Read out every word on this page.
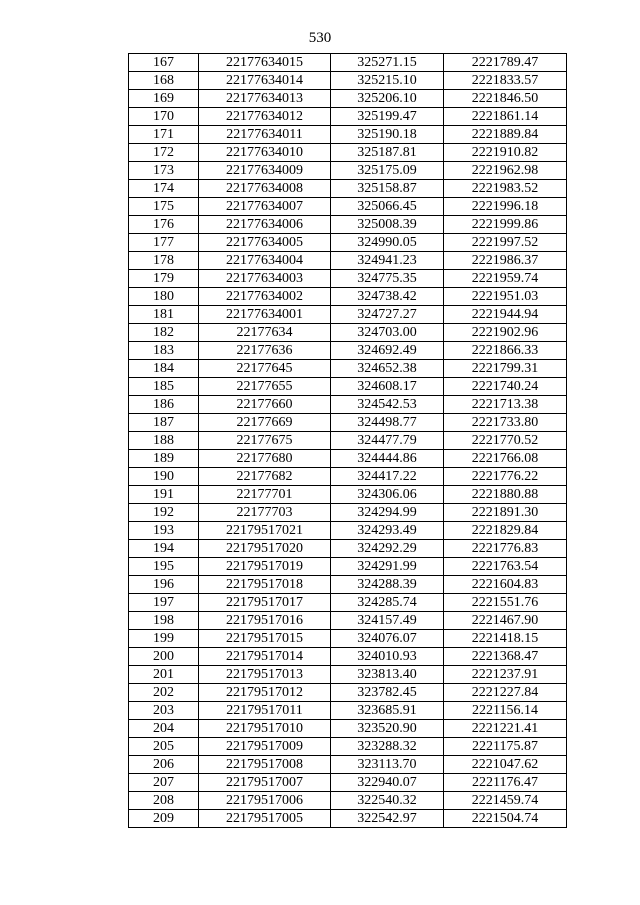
530
167	22177634015	325271.15	2221789.47
168	22177634014	325215.10	2221833.57
169	22177634013	325206.10	2221846.50
170	22177634012	325199.47	2221861.14
171	22177634011	325190.18	2221889.84
172	22177634010	325187.81	2221910.82
173	22177634009	325175.09	2221962.98
174	22177634008	325158.87	2221983.52
175	22177634007	325066.45	2221996.18
176	22177634006	325008.39	2221999.86
177	22177634005	324990.05	2221997.52
178	22177634004	324941.23	2221986.37
179	22177634003	324775.35	2221959.74
180	22177634002	324738.42	2221951.03
181	22177634001	324727.27	2221944.94
182	22177634	324703.00	2221902.96
183	22177636	324692.49	2221866.33
184	22177645	324652.38	2221799.31
185	22177655	324608.17	2221740.24
186	22177660	324542.53	2221713.38
187	22177669	324498.77	2221733.80
188	22177675	324477.79	2221770.52
189	22177680	324444.86	2221766.08
190	22177682	324417.22	2221776.22
191	22177701	324306.06	2221880.88
192	22177703	324294.99	2221891.30
193	22179517021	324293.49	2221829.84
194	22179517020	324292.29	2221776.83
195	22179517019	324291.99	2221763.54
196	22179517018	324288.39	2221604.83
197	22179517017	324285.74	2221551.76
198	22179517016	324157.49	2221467.90
199	22179517015	324076.07	2221418.15
200	22179517014	324010.93	2221368.47
201	22179517013	323813.40	2221237.91
202	22179517012	323782.45	2221227.84
203	22179517011	323685.91	2221156.14
204	22179517010	323520.90	2221221.41
205	22179517009	323288.32	2221175.87
206	22179517008	323113.70	2221047.62
207	22179517007	322940.07	2221176.47
208	22179517006	322540.32	2221459.74
209	22179517005	322542.97	2221504.74
